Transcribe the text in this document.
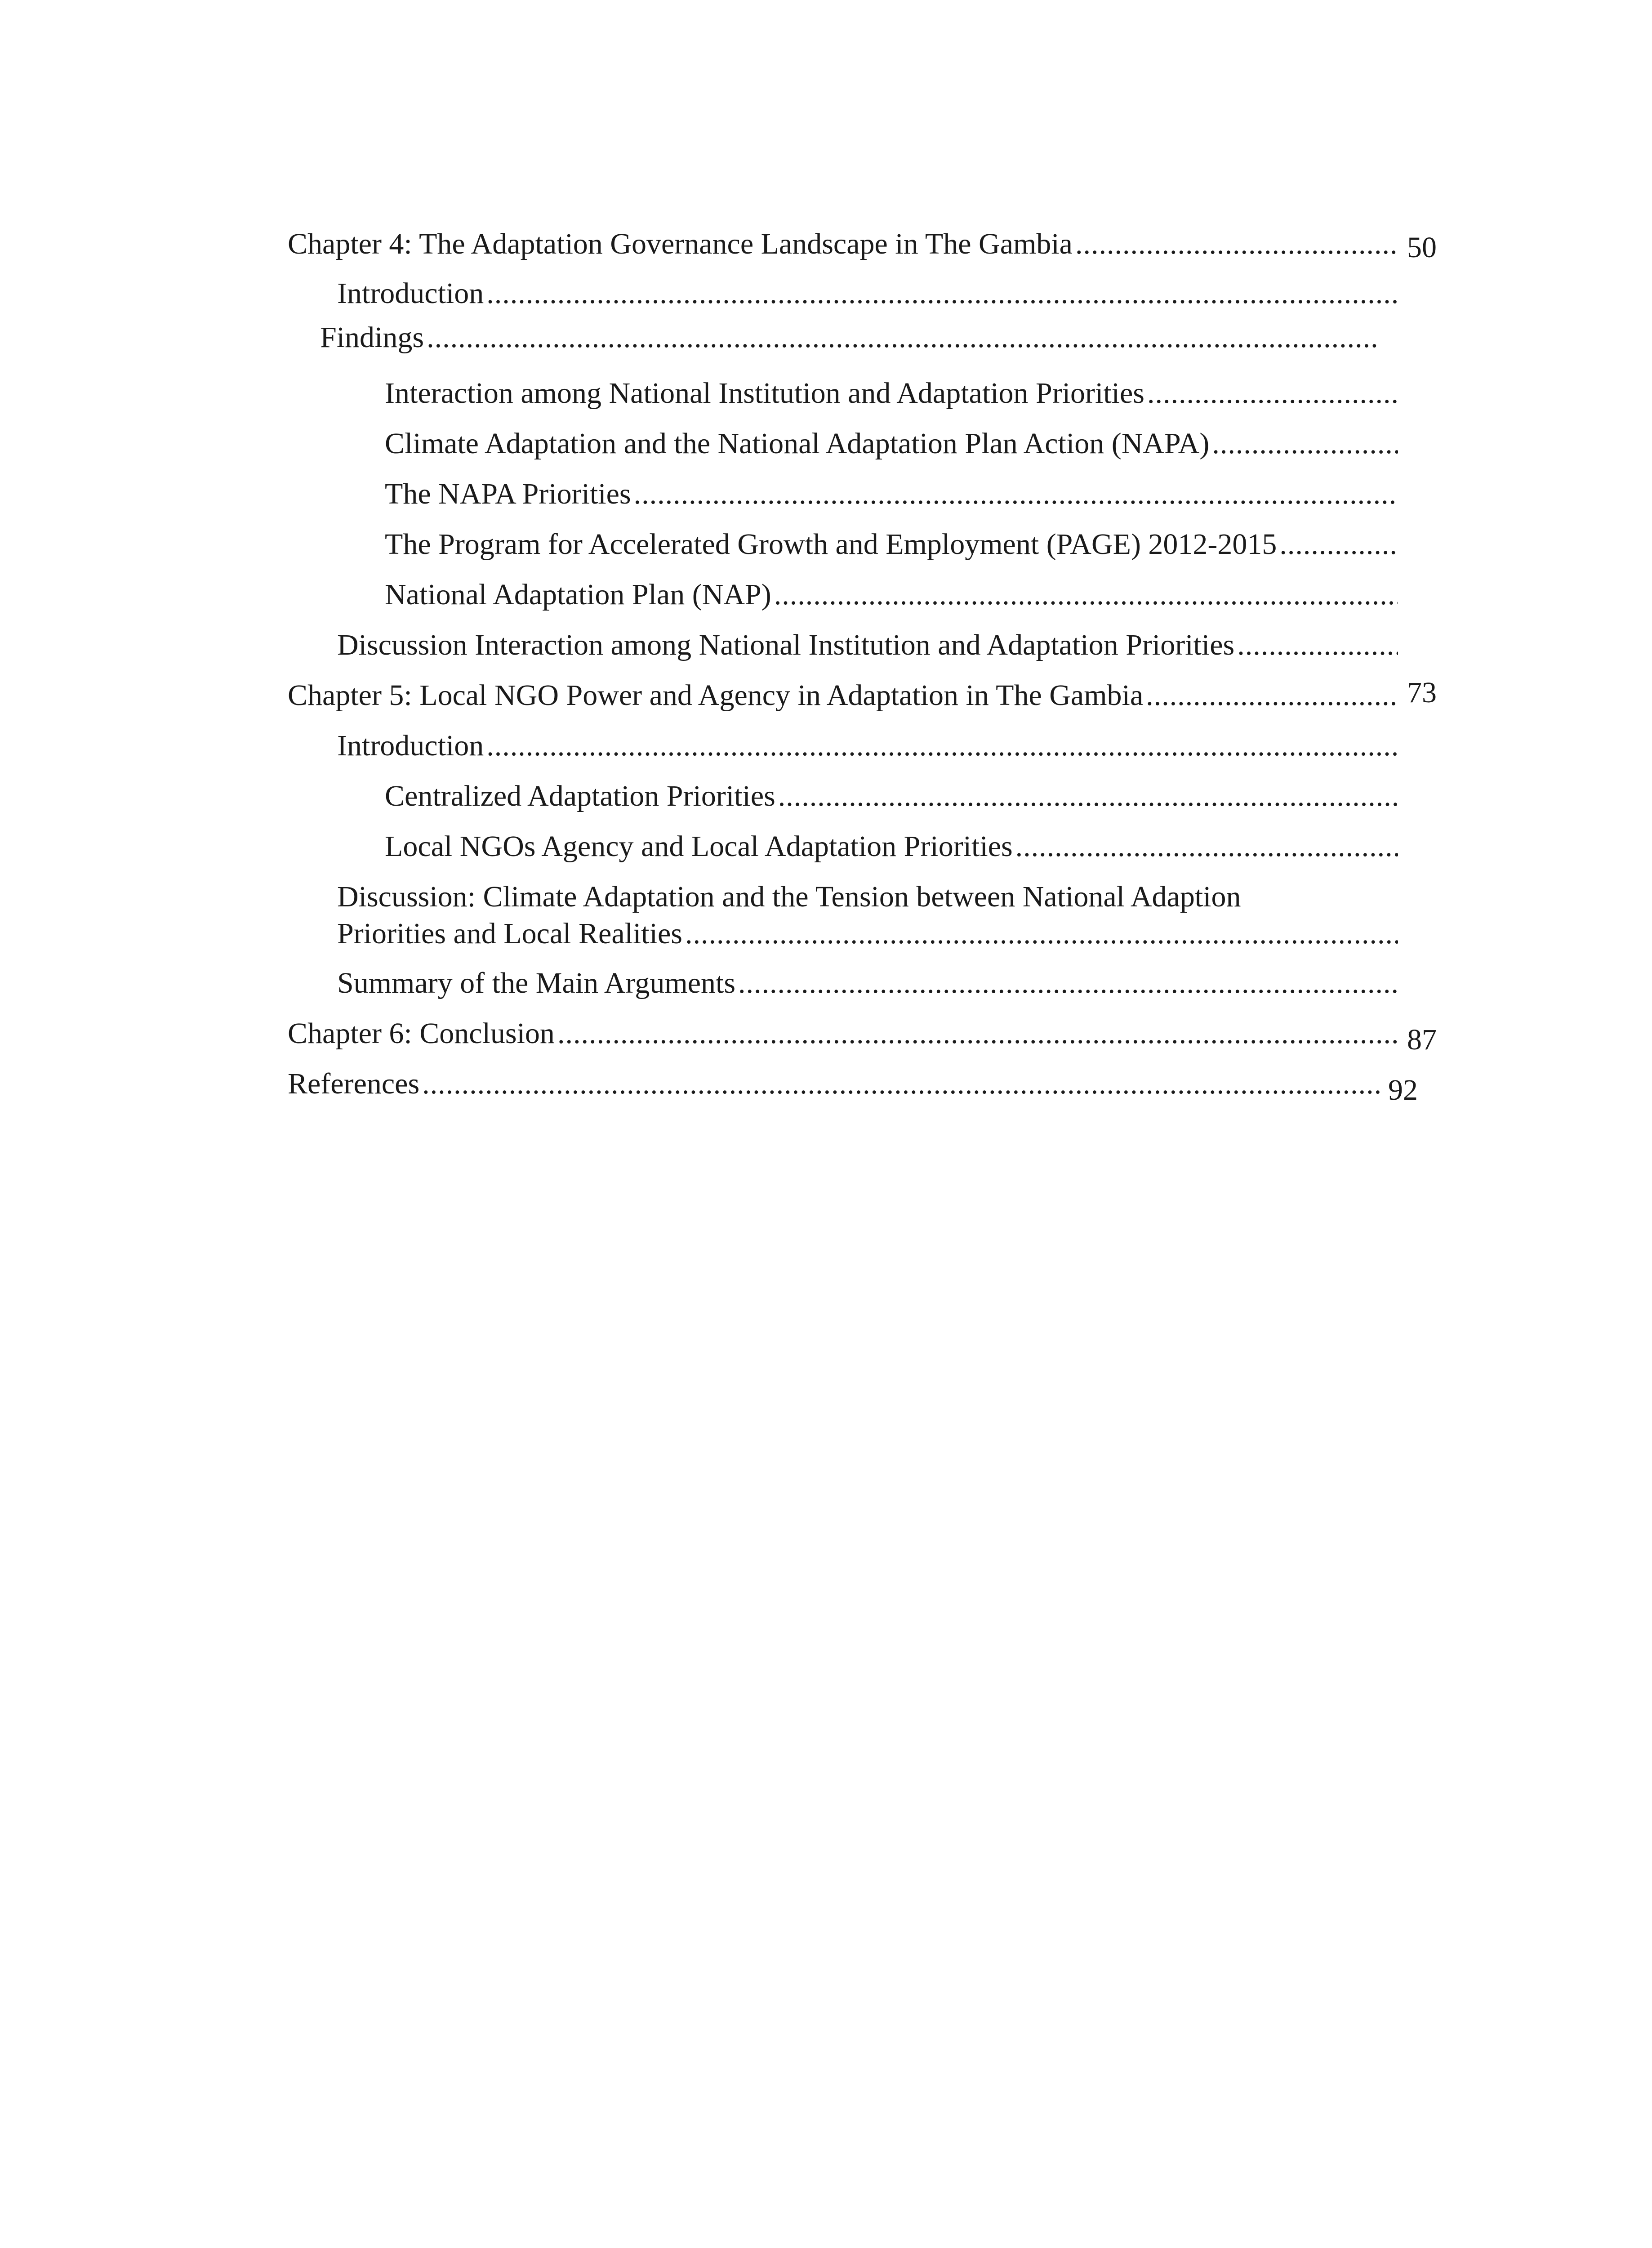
Chapter 4: The Adaptation Governance Landscape in The Gambia .....	50
Introduction
.....
Findings
.....
Interaction among National Institution and Adaptation Priorities
.....
Climate Adaptation and the National Adaptation Plan Action (NAPA)
.....
The NAPA Priorities
.....
The Program for Accelerated Growth and Employment (PAGE) 2012-2015
.....
National Adaptation Plan (NAP)
.....
Discussion Interaction among National Institution and Adaptation Priorities
.....
Chapter 5: Local NGO Power and Agency in Adaptation in The Gambia .....	73
Introduction
.....
Centralized Adaptation Priorities
.....
Local NGOs Agency and Local Adaptation Priorities
.....
Discussion: Climate Adaptation and the Tension between National Adaption
Priorities and Local Realities
.....
Summary of the Main Arguments
.....
Chapter 6: Conclusion .....	87
References .....	92
